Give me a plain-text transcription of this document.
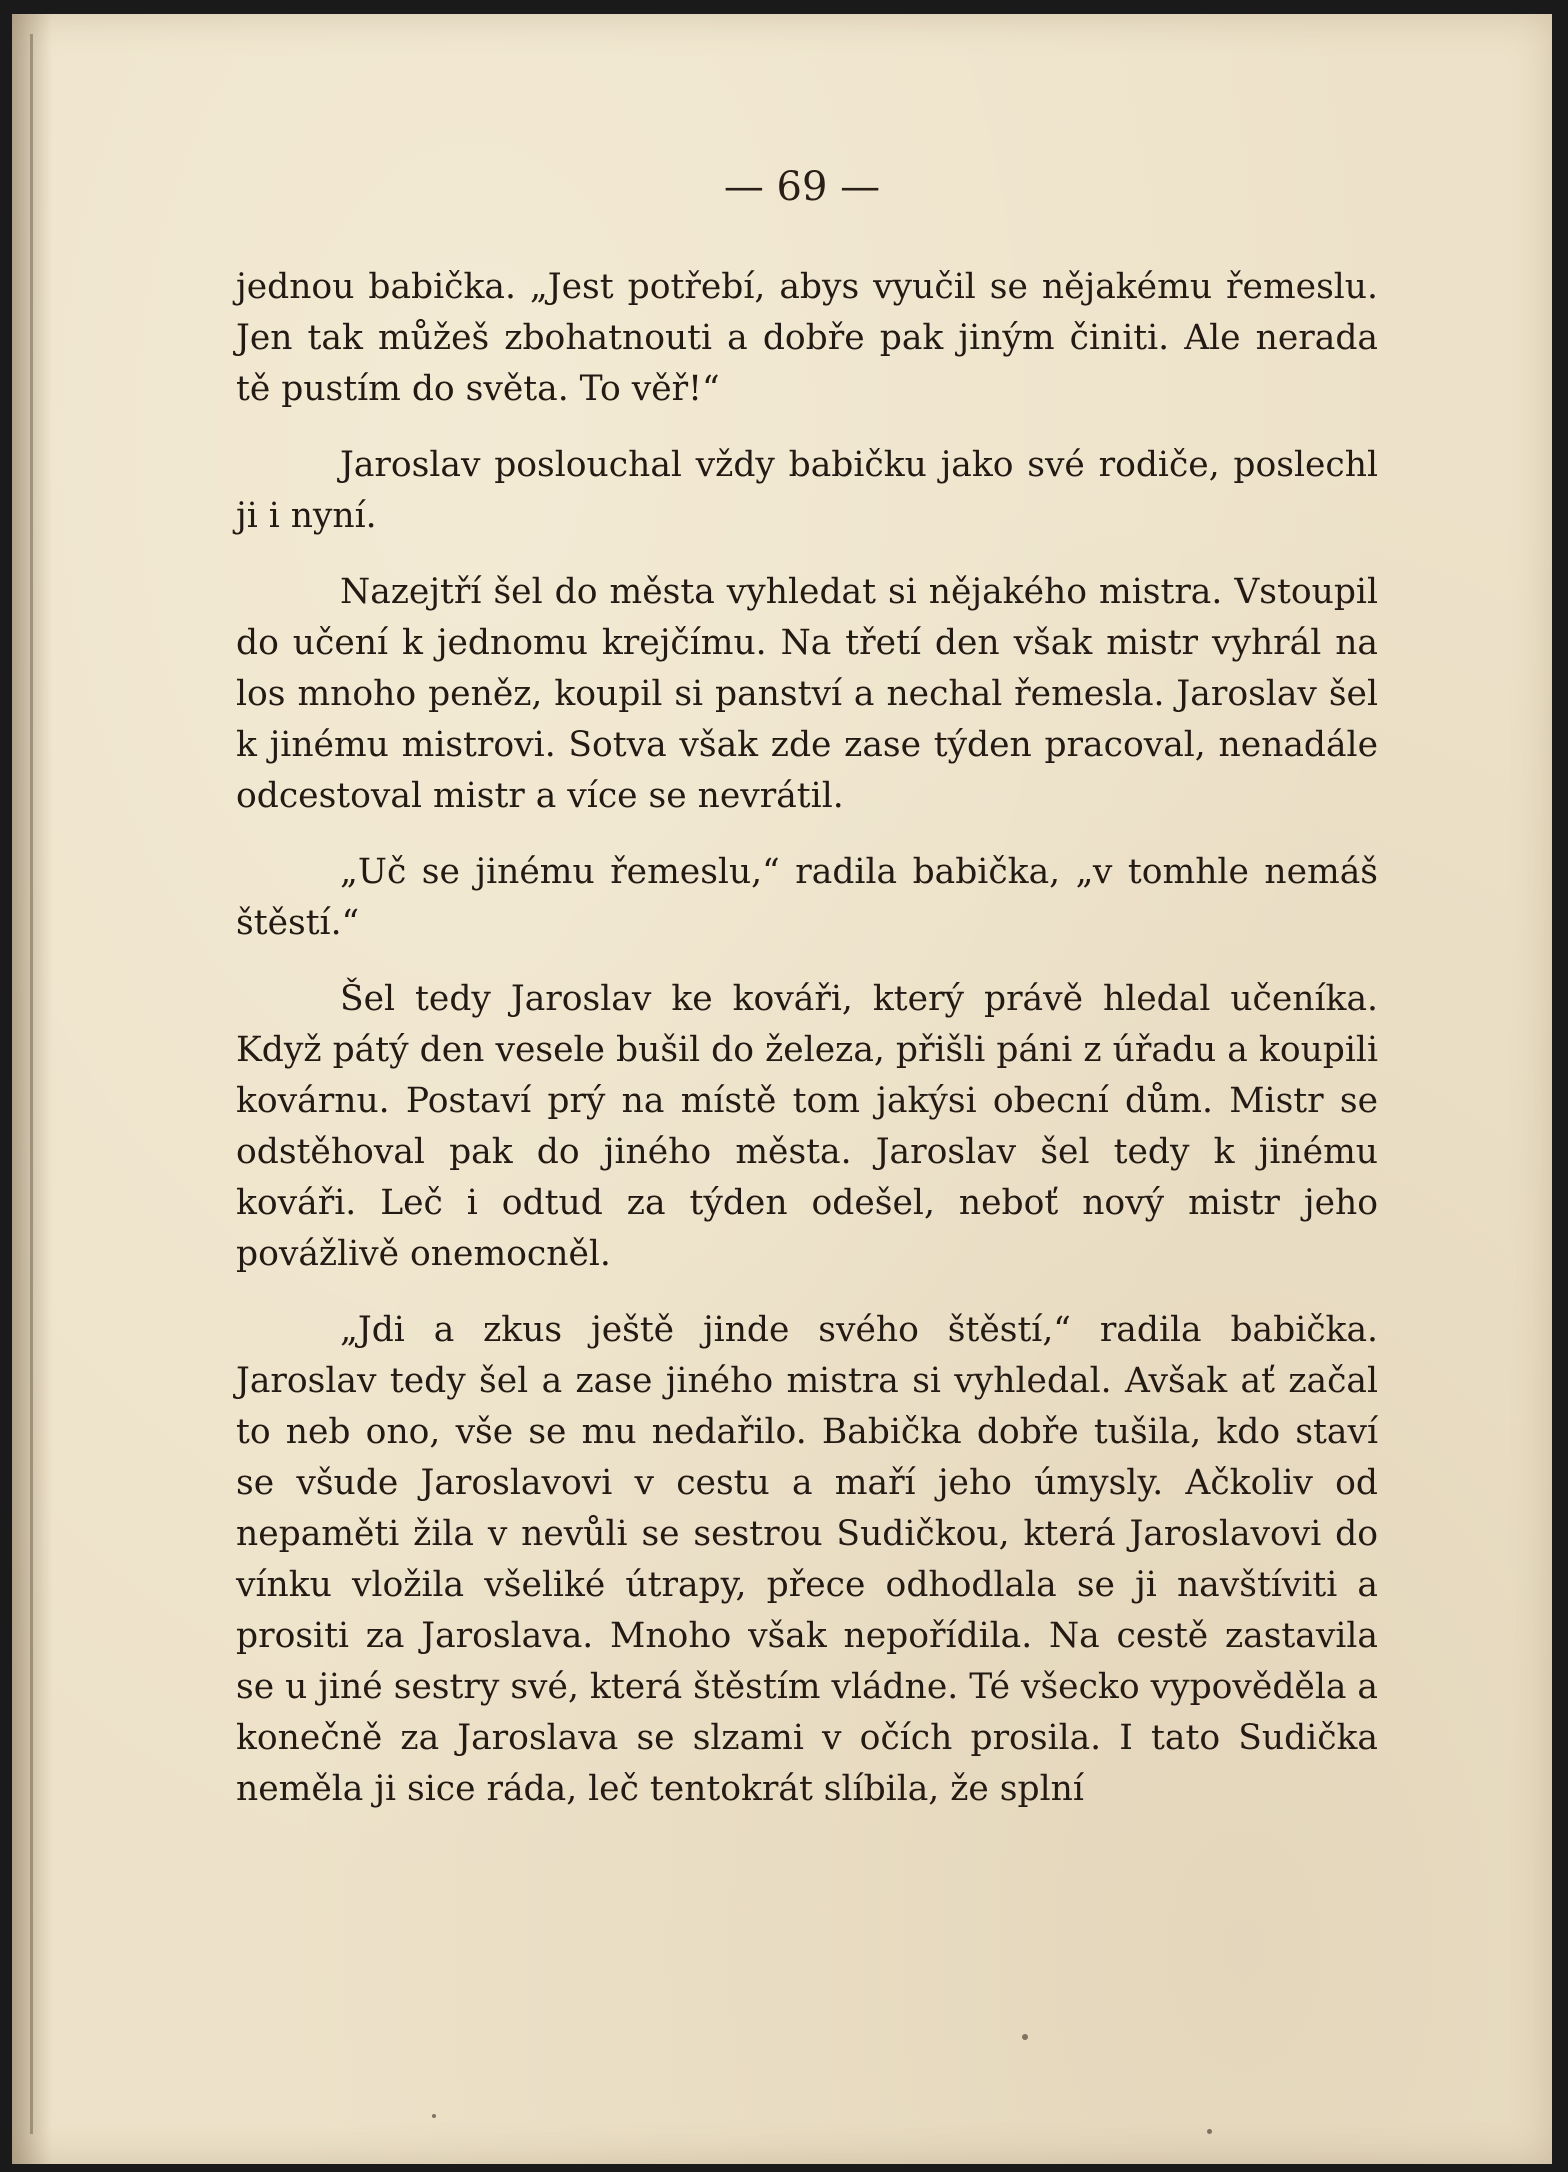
— 69 —

jednou babička. „Jest potřebí, abys vyučil se nějakému řemeslu. Jen tak můžeš zbohatnouti a dobře pak jiným činiti. Ale nerada tě pustím do světa. To věř!“

Jaroslav poslouchal vždy babičku jako své rodiče, poslechl ji i nyní.

Nazejtří šel do města vyhledat si nějakého mistra. Vstoupil do učení k jednomu krejčímu. Na třetí den však mistr vyhrál na los mnoho peněz, koupil si panství a nechal řemesla. Jaroslav šel k jinému mistrovi. Sotva však zde zase týden pracoval, nenadále odcestoval mistr a více se nevrátil.

„Uč se jinému řemeslu,“ radila babička, „v tomhle nemáš štěstí.“

Šel tedy Jaroslav ke kováři, který právě hledal učeníka. Když pátý den vesele bušil do železa, přišli páni z úřadu a koupili kovárnu. Postaví prý na místě tom jakýsi obecní dům. Mistr se odstěhoval pak do jiného města. Jaroslav šel tedy k jinému kováři. Leč i odtud za týden odešel, neboť nový mistr jeho povážlivě onemocněl.

„Jdi a zkus ještě jinde svého štěstí,“ radila babička. Jaroslav tedy šel a zase jiného mistra si vyhledal. Avšak ať začal to neb ono, vše se mu nedařilo. Babička dobře tušila, kdo staví se všude Jaroslavovi v cestu a maří jeho úmysly. Ačkoliv od nepaměti žila v nevůli se sestrou Sudičkou, která Jaroslavovi do vínku vložila všeliké útrapy, přece odhodlala se ji navštíviti a prositi za Jaroslava. Mnoho však nepořídila. Na cestě zastavila se u jiné sestry své, která štěstím vládne. Té všecko vypověděla a konečně za Jaroslava se slzami v očích prosila. I tato Sudička neměla ji sice ráda, leč tentokrát slíbila, že splní
